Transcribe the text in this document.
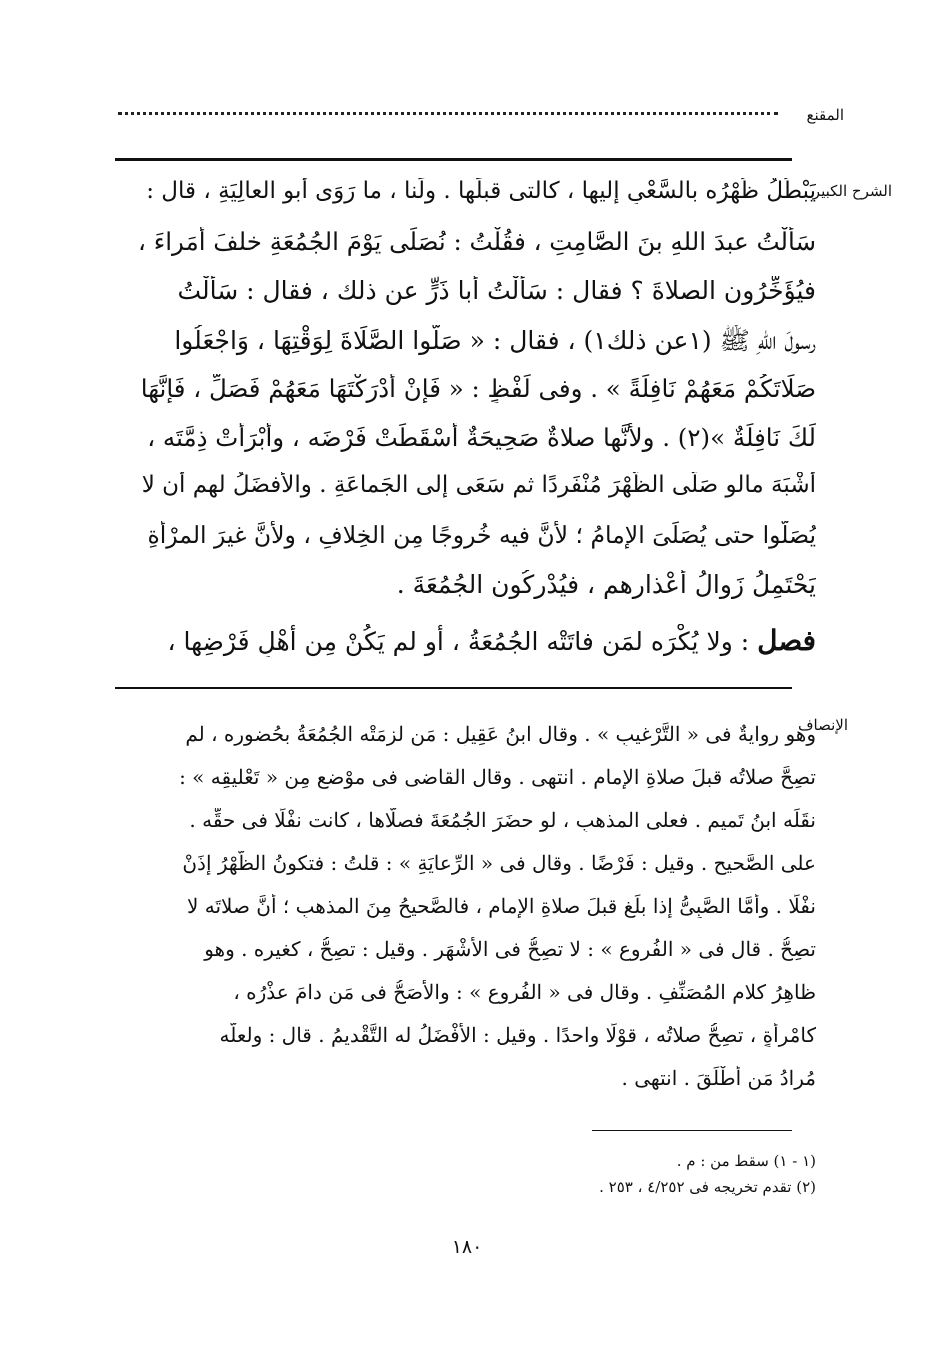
المقنع
الشرح الكبير
يَبْطُلُ ظُهْرُه بالسَّعْىِ إليها ، كالتى قبلَها . ولَنا ، ما رَوَى أبو العالِيَةِ ، قال :
سَأَلْتُ عبدَ اللهِ بنَ الصَّامِتِ ، فقُلْتُ : نُصَلِّى يَوْمَ الجُمُعَةِ خلفَ أُمَراءَ ،
فيُؤَخِّرُون الصلاةَ ؟ فقال : سَأَلْتُ أبا ذَرٍّ عن ذلك ، فقال : سَأَلْتُ
رسولَ اللهِ ﷺ (١عن ذلك١) ، فقال : « صَلُّوا الصَّلَاةَ لِوَقْتِهَا ، وَاجْعَلُوا
صَلَاتَكُمْ مَعَهُمْ نَافِلَةً » . وفى لَفْظٍ : « فَإِنْ أَدْرَكْتَهَا مَعَهُمْ فَصَلِّ ، فَإِنَّهَا
لَكَ نَافِلَةٌ »(٢) . ولأنَّها صلاةٌ صَحِيحَةٌ أَسْقَطَتْ فَرْضَه ، وأَبْرَأَتْ ذِمَّتَه ،
أَشْبَهَ مالو صَلَّى الظُّهْرَ مُنْفَرِدًا ثم سَعَى إلى الجَماعَةِ . والأفضَلُ لهم أن لا
يُصَلُّوا حتى يُصَلِّىَ الإِمامُ ؛ لأنَّ فيه خُروجًا مِن الخِلافِ ، ولأنَّ غيرَ المرْأةِ
يَحْتَمِلُ زَوالُ أعْذارِهم ، فيُدْرِكُون الجُمُعَةَ .
فصل : ولا يُكْرَه لمَن فاتَتْه الجُمُعَةُ ، أو لم يَكُنْ مِن أهْلِ فَرْضِها ،
الإنصاف
وهو روايةٌ فى « التَّرْغيبِ » . وقال ابنُ عَقِيلٍ : مَن لزِمَتْه الجُمُعَةُ بحُضورِه ، لم
تصِحَّ صلاتُه قبلَ صلاةِ الإمامِ . انتهى . وقال القاضى فى موْضعٍ مِن « تَعْليقِه » :
نقَلَه ابنُ تَميمٍ . فعلى المذهبِ ، لو حضَرَ الجُمُعَةَ فصلَّاها ، كانت نفْلًا فى حقِّه .
على الصَّحيحِ . وقيل : فَرْضًا . وقال فى « الرِّعايَةِ » : قلتُ : فتكونُ الظُّهْرُ إذَنْ
نفْلًا . وأمَّا الصَّبِىُّ إذا بلَغ قبلَ صلاةِ الإمامِ ، فالصَّحيحُ مِنَ المذهبِ ؛ أنَّ صلاتَه لا
تصِحُّ . قال فى « الفُروعِ » : لا تصِحُّ فى الأشْهَرِ . وقيل : تصِحُّ ، كغيرِه . وهو
ظاهِرُ كلامِ المُصَنِّفِ . وقال فى « الفُروعِ » : والأصَحُّ فى مَن دامَ عذْرُه ،
كامْرأةٍ ، تصِحُّ صلاتُه ، قوْلًا واحدًا . وقيل : الأفْضَلُ له التَّقْديمُ . قال : ولعلَّه
مُرادُ مَن أطْلَقَ . انتهى .
(١ - ١) سقط من : م .
(٢) تقدم تخريجه فى ٤/٢٥٢ ، ٢٥٣ .
١٨٠
